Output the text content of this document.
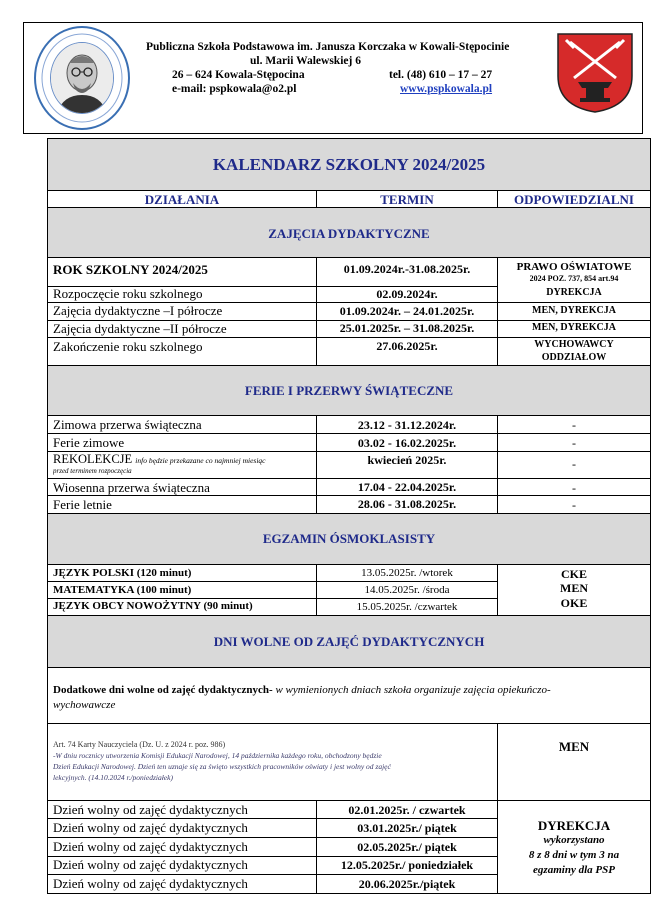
Publiczna Szkoła Podstawowa im. Janusza Korczaka w Kowali-Stępocinie
ul. Marii Walewskiej 6
26 – 624 Kowala-Stępocina	tel. (48) 610 – 17 – 27
e-mail: pspkowala@o2.pl	www.pspkowala.pl
KALENDARZ SZKOLNY 2024/2025
DZIAŁANIA	TERMIN	ODPOWIEDZIALNI
ZAJĘCIA DYDAKTYCZNE
ROK SZKOLNY 2024/2025	01.09.2024r.-31.08.2025r.	PRAWO OŚWIATOWE
2024 POZ. 737, 854 art.94
Rozpoczęcie roku szkolnego	02.09.2024r.	DYREKCJA
Zajęcia dydaktyczne –I półrocze	01.09.2024r. – 24.01.2025r.	MEN, DYREKCJA
Zajęcia dydaktyczne –II półrocze	25.01.2025r. – 31.08.2025r.	MEN, DYREKCJA
Zakończenie roku szkolnego	27.06.2025r.	WYCHOWAWCY
ODDZIAŁÓW
FERIE I PRZERWY ŚWIĄTECZNE
Zimowa przerwa świąteczna	23.12 - 31.12.2024r.	-
Ferie zimowe	03.02 - 16.02.2025r.	-
REKOLEKCJE info będzie przekazane co najmniej miesiąc
przed terminem rozpoczęcia
kwiecień 2025r.	-
Wiosenna przerwa świąteczna	17.04 - 22.04.2025r.	-
Ferie letnie	28.06 - 31.08.2025r.	-
EGZAMIN ÓSMOKLASISTY
JĘZYK POLSKI (120 minut)	13.05.2025r. /wtorek
MATEMATYKA (100 minut)	14.05.2025r. /środa
JĘZYK OBCY NOWOŻYTNY (90 minut)	15.05.2025r. /czwartek
CKE
MEN
OKE
DNI WOLNE OD ZAJĘĆ DYDAKTYCZNYCH
Dodatkowe dni wolne od zajęć dydaktycznych- w wymienionych dniach szkoła organizuje zajęcia opiekuńczo-
wychowawcze
Art. 74 Karty Nauczyciela (Dz. U. z 2024 r. poz. 986)
-W dniu rocznicy utworzenia Komisji Edukacji Narodowej, 14 października każdego roku, obchodzony będzie
Dzień Edukacji Narodowej. Dzień ten uznaje się za święto wszystkich pracowników oświaty i jest wolny od zajęć
lekcyjnych. (14.10.2024 r./poniedziałek)
MEN
Dzień wolny od zajęć dydaktycznych	02.01.2025r. / czwartek
Dzień wolny od zajęć dydaktycznych	03.01.2025r./ piątek
Dzień wolny od zajęć dydaktycznych	02.05.2025r./ piątek
Dzień wolny od zajęć dydaktycznych	12.05.2025r./ poniedziałek
Dzień wolny od zajęć dydaktycznych	20.06.2025r./piątek
DYREKCJA
wykorzystano
8 z 8 dni w tym 3 na
egzaminy dla PSP
